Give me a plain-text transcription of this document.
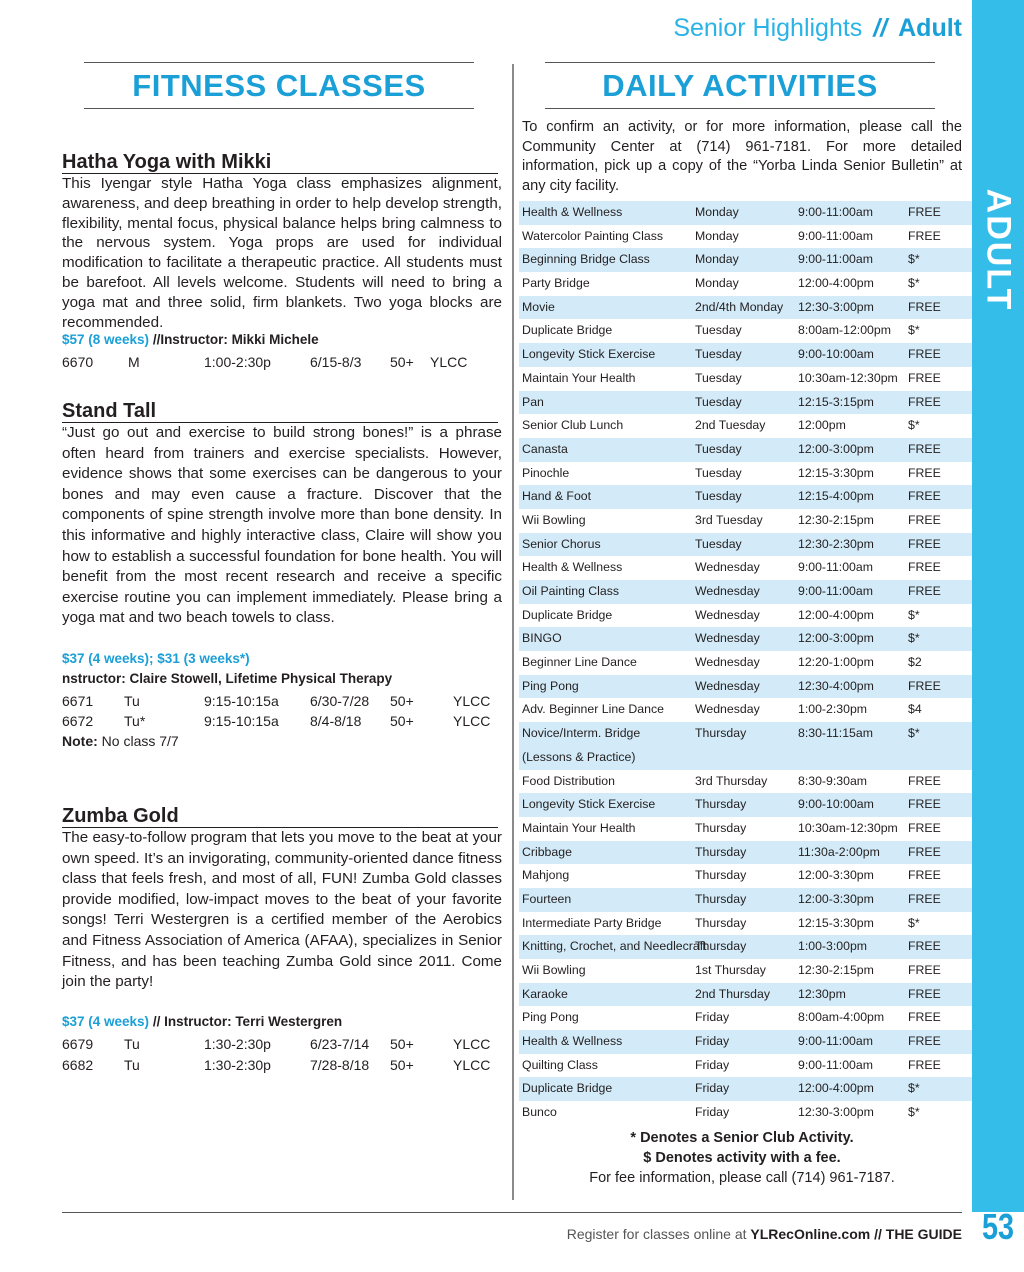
Senior Highlights // Adult
ADULT
53
FITNESS CLASSES
Hatha Yoga with Mikki
This Iyengar style Hatha Yoga class emphasizes alignment, awareness, and deep breathing in order to help develop strength, flexibility, mental focus, physical balance helps bring calmness to the nervous system. Yoga props are used for individual modification to facilitate a therapeutic practice. All students must be barefoot. All levels welcome. Students will need to bring a yoga mat and three solid, firm blankets. Two yoga blocks are recommended.
$57 (8 weeks) //Instructor: Mikki Michele
6670 M	1:00-2:30p	6/15-8/3 50+ YLCC
Stand Tall
“Just go out and exercise to build strong bones!” is a phrase often heard from trainers and exercise specialists. However, evidence shows that some exercises can be dangerous to your bones and may even cause a fracture. Discover that the components of spine strength involve more than bone density. In this informative and highly interactive class, Claire will show you how to establish a successful foundation for bone health. You will benefit from the most recent research and receive a specific exercise routine you can implement immediately. Please bring a yoga mat and two beach towels to class.
$37 (4 weeks); $31 (3 weeks*)
nstructor: Claire Stowell, Lifetime Physical Therapy
6671 Tu	9:15-10:15a 6/30-7/28 50+	YLCC
6672 Tu*	9:15-10:15a 8/4-8/18 50+	YLCC
Note: No class 7/7
Zumba Gold
The easy-to-follow program that lets you move to the beat at your own speed. It’s an invigorating, community-oriented dance fitness class that feels fresh, and most of all, FUN! Zumba Gold classes provide modified, low-impact moves to the beat of your favorite songs! Terri Westergren is a certified member of the Aerobics and Fitness Association of America (AFAA), specializes in Senior Fitness, and has been teaching Zumba Gold since 2011. Come join the party!
$37 (4 weeks) // Instructor: Terri Westergren
6679 Tu	1:30-2:30p	6/23-7/14 50+	YLCC
6682 Tu	1:30-2:30p	7/28-8/18 50+	YLCC
DAILY ACTIVITIES
To confirm an activity, or for more information, please call the Community Center at (714) 961-7181. For more detailed information, pick up a copy of the “Yorba Linda Senior Bulletin” at any city facility.
Health & Wellness	Monday	9:00-11:00am	FREE
Watercolor Painting Class	Monday	9:00-11:00am	FREE
Beginning Bridge Class	Monday	9:00-11:00am	$*
Party Bridge	Monday	12:00-4:00pm	$*
Movie	2nd/4th Monday 12:30-3:00pm	FREE
Duplicate Bridge	Tuesday	8:00am-12:00pm $*
Longevity Stick Exercise	Tuesday	9:00-10:00am	FREE
Maintain Your Health	Tuesday	10:30am-12:30pm FREE
Pan	Tuesday	12:15-3:15pm	FREE
Senior Club Lunch	2nd Tuesday	12:00pm	$*
Canasta	Tuesday	12:00-3:00pm	FREE
Pinochle	Tuesday	12:15-3:30pm	FREE
Hand & Foot	Tuesday	12:15-4:00pm	FREE
Wii Bowling	3rd Tuesday	12:30-2:15pm	FREE
Senior Chorus	Tuesday	12:30-2:30pm	FREE
Health & Wellness	Wednesday	9:00-11:00am	FREE
Oil Painting Class	Wednesday	9:00-11:00am	FREE
Duplicate Bridge	Wednesday	12:00-4:00pm	$*
BINGO	Wednesday	12:00-3:00pm	$*
Beginner Line Dance	Wednesday	12:20-1:00pm	$2
Ping Pong	Wednesday	12:30-4:00pm	FREE
Adv. Beginner Line Dance	Wednesday	1:00-2:30pm	$4
Novice/Interm. Bridge	Thursday	8:30-11:15am	$*
(Lessons & Practice)
Food Distribution	3rd Thursday	8:30-9:30am	FREE
Longevity Stick Exercise	Thursday	9:00-10:00am	FREE
Maintain Your Health	Thursday	10:30am-12:30pm FREE
Cribbage	Thursday	11:30a-2:00pm FREE
Mahjong	Thursday	12:00-3:30pm	FREE
Fourteen	Thursday	12:00-3:30pm	FREE
Intermediate Party Bridge	Thursday	12:15-3:30pm	$*
Knitting, Crochet, and Needlecraft
Thursday	1:00-3:00pm	FREE
Wii Bowling	1st Thursday	12:30-2:15pm	FREE
Karaoke	2nd Thursday 12:30pm	FREE
Ping Pong	Friday	8:00am-4:00pm FREE
Health & Wellness	Friday	9:00-11:00am	FREE
Quilting Class	Friday	9:00-11:00am	FREE
Duplicate Bridge	Friday	12:00-4:00pm	$*
Bunco	Friday	12:30-3:00pm	$*
* Denotes a Senior Club Activity.
$ Denotes activity with a fee.
For fee information, please call (714) 961-7187.
Register for classes online at YLRecOnline.com // THE GUIDE
